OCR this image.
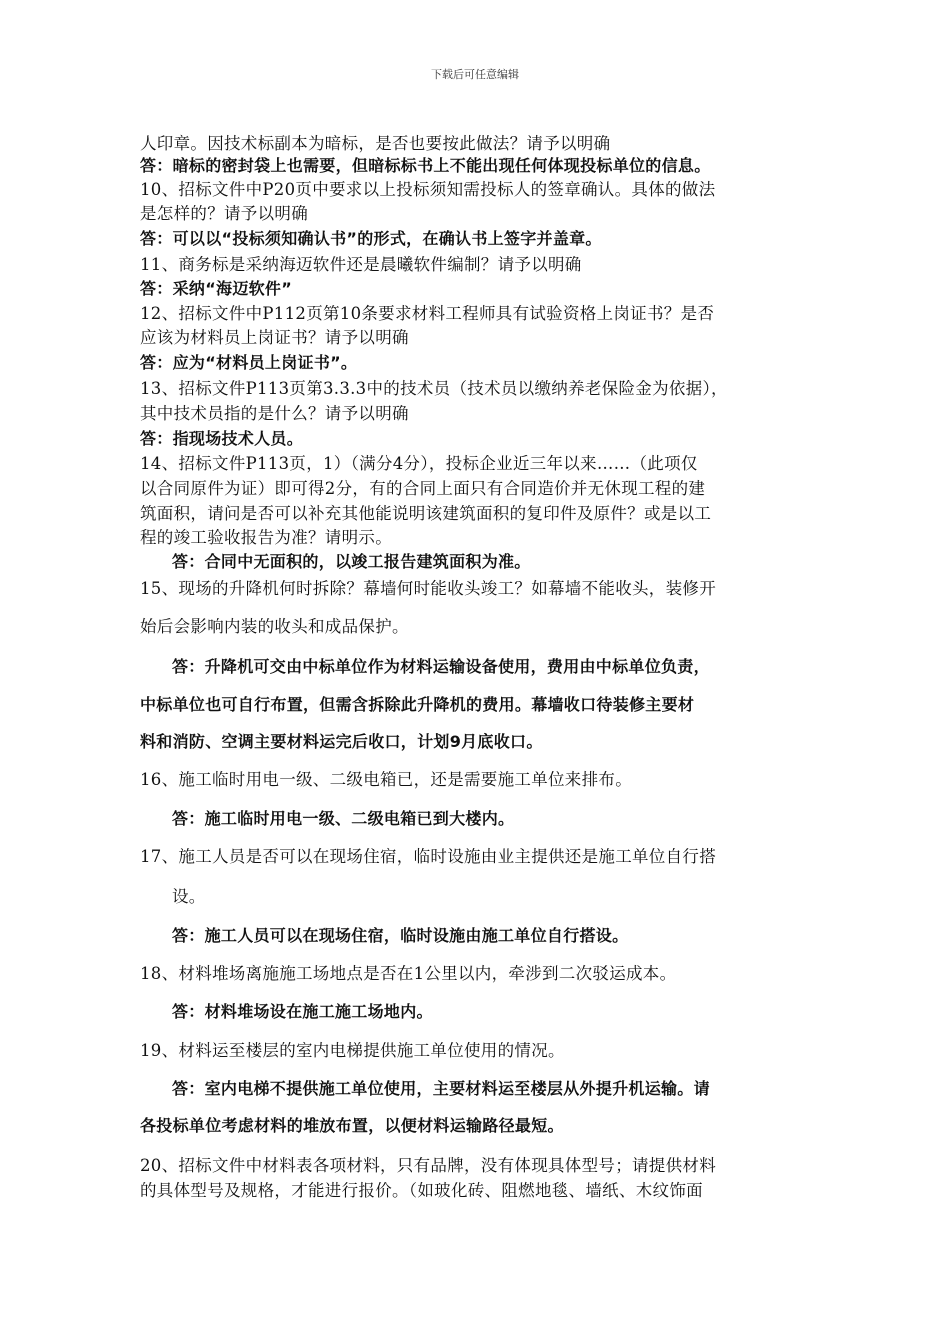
下载后可任意编辑
人印章。因技术标副本为暗标，是否也要按此做法？请予以明确
答：暗标的密封袋上也需要，但暗标标书上不能出现任何体现投标单位的信息。
10、招标文件中P20页中要求以上投标须知需投标人的签章确认。具体的做法
是怎样的？请予以明确
答：可以以“投标须知确认书”的形式，在确认书上签字并盖章。
11、商务标是采纳海迈软件还是晨曦软件编制？请予以明确
答：采纳“海迈软件”
12、招标文件中P112页第10条要求材料工程师具有试验资格上岗证书？是否
应该为材料员上岗证书？请予以明确
答：应为“材料员上岗证书”。
13、招标文件P113页第3.3.3中的技术员（技术员以缴纳养老保险金为依据），
其中技术员指的是什么？请予以明确
答：指现场技术人员。
14、招标文件P113页，1）（满分4分），投标企业近三年以来……（此项仅
以合同原件为证）即可得2分，有的合同上面只有合同造价并无休现工程的建
筑面积，请问是否可以补充其他能说明该建筑面积的复印件及原件？或是以工
程的竣工验收报告为准？请明示。
答：合同中无面积的，以竣工报告建筑面积为准。
15、现场的升降机何时拆除？幕墙何时能收头竣工？如幕墙不能收头，装修开
始后会影响内装的收头和成品保护。
答：升降机可交由中标单位作为材料运输设备使用，费用由中标单位负责，
中标单位也可自行布置，但需含拆除此升降机的费用。幕墙收口待装修主要材
料和消防、空调主要材料运完后收口，计划9月底收口。
16、施工临时用电一级、二级电箱已，还是需要施工单位来排布。
答：施工临时用电一级、二级电箱已到大楼内。
17、施工人员是否可以在现场住宿，临时设施由业主提供还是施工单位自行搭
设。
答：施工人员可以在现场住宿，临时设施由施工单位自行搭设。
18、材料堆场离施施工场地点是否在1公里以内，牵涉到二次驳运成本。
答：材料堆场设在施工施工场地内。
19、材料运至楼层的室内电梯提供施工单位使用的情况。
答：室内电梯不提供施工单位使用，主要材料运至楼层从外提升机运输。请
各投标单位考虑材料的堆放布置，以便材料运输路径最短。
20、招标文件中材料表各项材料，只有品牌，没有体现具体型号；请提供材料
的具体型号及规格，才能进行报价。（如玻化砖、阻燃地毯、墙纸、木纹饰面
